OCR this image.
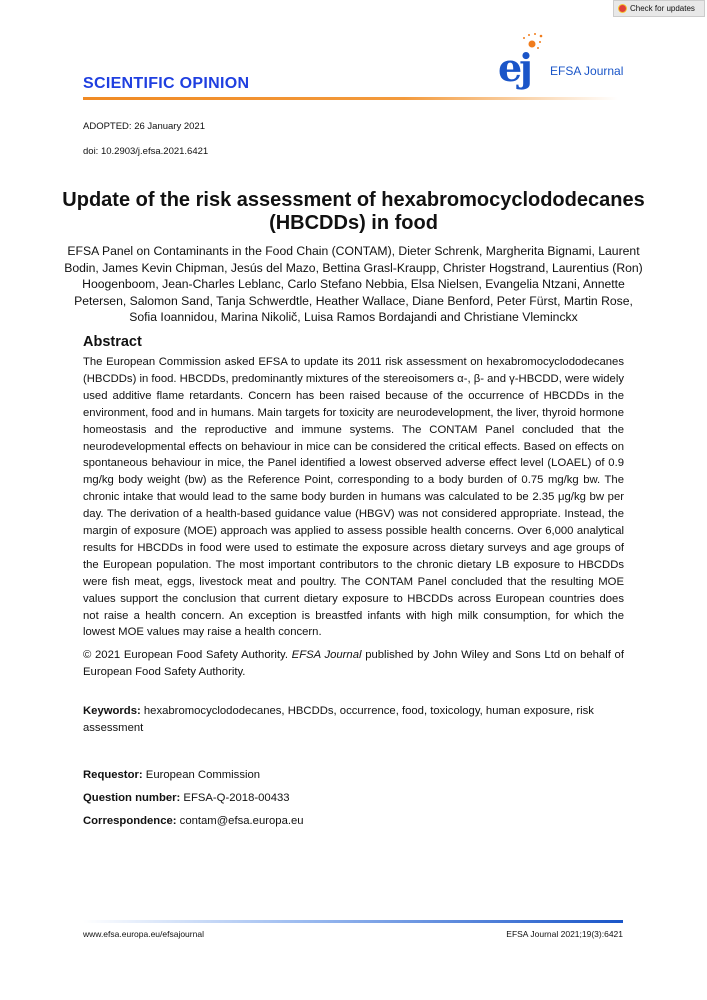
Check for updates
ej EFSA Journal
SCIENTIFIC OPINION
ADOPTED: 26 January 2021
doi: 10.2903/j.efsa.2021.6421
Update of the risk assessment of hexabromocyclododecanes (HBCDDs) in food
EFSA Panel on Contaminants in the Food Chain (CONTAM), Dieter Schrenk, Margherita Bignami, Laurent Bodin, James Kevin Chipman, Jesús del Mazo, Bettina Grasl-Kraupp, Christer Hogstrand, Laurentius (Ron) Hoogenboom, Jean-Charles Leblanc, Carlo Stefano Nebbia, Elsa Nielsen, Evangelia Ntzani, Annette Petersen, Salomon Sand, Tanja Schwerdtle, Heather Wallace, Diane Benford, Peter Fürst, Martin Rose, Sofia Ioannidou, Marina Nikolič, Luisa Ramos Bordajandi and Christiane Vleminckx
Abstract
The European Commission asked EFSA to update its 2011 risk assessment on hexabromocyclododecanes (HBCDDs) in food. HBCDDs, predominantly mixtures of the stereoisomers α-, β- and γ-HBCDD, were widely used additive flame retardants. Concern has been raised because of the occurrence of HBCDDs in the environment, food and in humans. Main targets for toxicity are neurodevelopment, the liver, thyroid hormone homeostasis and the reproductive and immune systems. The CONTAM Panel concluded that the neurodevelopmental effects on behaviour in mice can be considered the critical effects. Based on effects on spontaneous behaviour in mice, the Panel identified a lowest observed adverse effect level (LOAEL) of 0.9 mg/kg body weight (bw) as the Reference Point, corresponding to a body burden of 0.75 mg/kg bw. The chronic intake that would lead to the same body burden in humans was calculated to be 2.35 μg/kg bw per day. The derivation of a health-based guidance value (HBGV) was not considered appropriate. Instead, the margin of exposure (MOE) approach was applied to assess possible health concerns. Over 6,000 analytical results for HBCDDs in food were used to estimate the exposure across dietary surveys and age groups of the European population. The most important contributors to the chronic dietary LB exposure to HBCDDs were fish meat, eggs, livestock meat and poultry. The CONTAM Panel concluded that the resulting MOE values support the conclusion that current dietary exposure to HBCDDs across European countries does not raise a health concern. An exception is breastfed infants with high milk consumption, for which the lowest MOE values may raise a health concern.
© 2021 European Food Safety Authority. EFSA Journal published by John Wiley and Sons Ltd on behalf of European Food Safety Authority.
Keywords: hexabromocyclododecanes, HBCDDs, occurrence, food, toxicology, human exposure, risk assessment
Requestor: European Commission
Question number: EFSA-Q-2018-00433
Correspondence: contam@efsa.europa.eu
www.efsa.europa.eu/efsajournal	EFSA Journal 2021;19(3):6421
